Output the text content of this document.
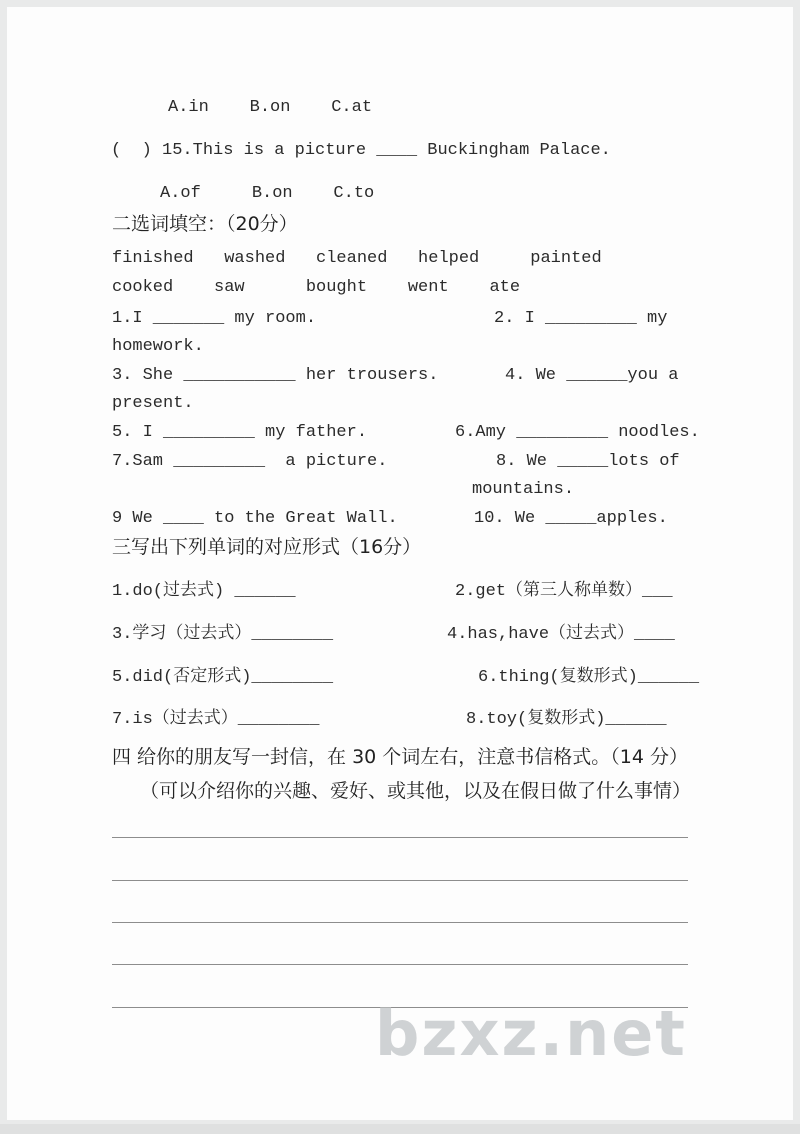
A.in    B.on    C.at
(  ) 15.This is a picture ____ Buckingham Palace.
A.of     B.on    C.to
二选词填空：（20分）
finished   washed   cleaned   helped     painted
cooked    saw      bought    went    ate
1.I _______ my room.	2. I _________ my
homework.
3. She ___________ her trousers.	4. We ______you a
present.
5. I _________ my father.	6.Amy _________ noodles.
7.Sam _________  a picture.	8. We _____lots of
mountains.
9 We ____ to the Great Wall.	10. We _____apples.
三写出下列单词的对应形式（16分）
1.do(过去式) ______	2.get（第三人称单数）___
3.学习（过去式）________	4.has,have（过去式）____
5.did(否定形式)________	6.thing(复数形式)______
7.is（过去式）________	8.toy(复数形式)______
四 给你的朋友写一封信，在 30 个词左右，注意书信格式。（14 分）
（可以介绍你的兴趣、爱好、或其他，以及在假日做了什么事情）
bzxz.net
